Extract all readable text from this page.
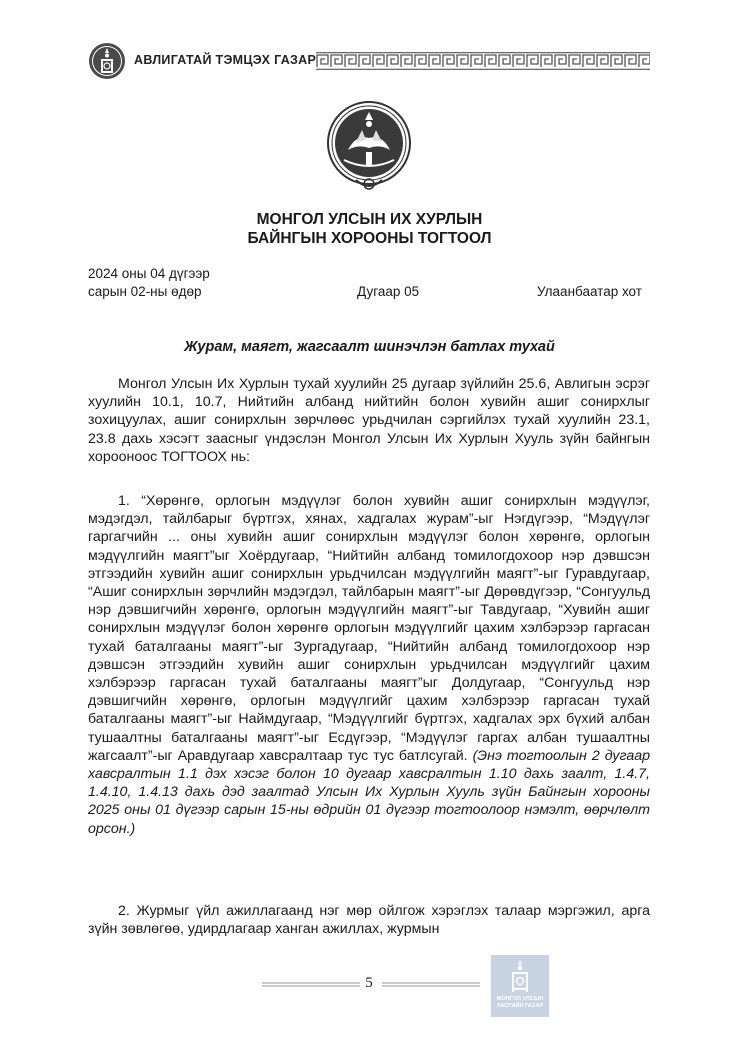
АВЛИГАТАЙ ТЭМЦЭХ ГАЗАР
МОНГОЛ УЛСЫН ИХ ХУРЛЫН
БАЙНГЫН ХОРООНЫ ТОГТООЛ
2024 оны 04 дүгээр
сарын 02-ны өдөр	Дугаар 05	Улаанбаатар хот
Журам, маягт, жагсаалт шинэчлэн батлах тухай

Монгол Улсын Их Хурлын тухай хуулийн 25 дугаар зүйлийн 25.6, Авлигын эсрэг хуулийн 10.1, 10.7, Нийтийн албанд нийтийн болон хувийн ашиг сонирхлыг зохицуулах, ашиг сонирхлын зөрчлөөс урьдчилан сэргийлэх тухай хуулийн 23.1, 23.8 дахь хэсэгт заасныг үндэслэн Монгол Улсын Их Хурлын Хууль зүйн байнгын хорооноос ТОГТООХ нь:

1. “Хөрөнгө, орлогын мэдүүлэг болон хувийн ашиг сонирхлын мэдүүлэг, мэдэгдэл, тайлбарыг бүртгэх, хянах, хадгалах журам”-ыг Нэгдүгээр, “Мэдүүлэг гаргагчийн ... оны хувийн ашиг сонирхлын мэдүүлэг болон хөрөнгө, орлогын мэдүүлгийн маягт”ыг Хоёрдугаар, “Нийтийн албанд томилогдохоор нэр дэвшсэн этгээдийн хувийн ашиг сонирхлын урьдчилсан мэдүүлгийн маягт”-ыг Гуравдугаар, “Ашиг сонирхлын зөрчлийн мэдэгдэл, тайлбарын маягт”-ыг Дөрөвдүгээр, “Сонгуульд нэр дэвшигчийн хөрөнгө, орлогын мэдүүлгийн маягт”-ыг Тавдугаар, “Хувийн ашиг сонирхлын мэдүүлэг болон хөрөнгө орлогын мэдүүлгийг цахим хэлбэрээр гаргасан тухай баталгааны маягт”-ыг Зургадугаар, “Нийтийн албанд томилогдохоор нэр дэвшсэн этгээдийн хувийн ашиг сонирхлын урьдчилсан мэдүүлгийг цахим хэлбэрээр гаргасан тухай баталгааны маягт”ыг Долдугаар, “Сонгуульд нэр дэвшигчийн хөрөнгө, орлогын мэдүүлгийг цахим хэлбэрээр гаргасан тухай баталгааны маягт”-ыг Наймдугаар, “Мэдүүлгийг бүртгэх, хадгалах эрх бүхий албан тушаалтны баталгааны маягт”-ыг Есдүгээр, “Мэдүүлэг гаргах албан тушаалтны жагсаалт”-ыг Аравдугаар хавсралтаар тус тус батлсугай. (Энэ тогтоолын 2 дугаар хавсралтын 1.1 дэх хэсэг болон 10 дугаар хавсралтын 1.10 дахь заалт, 1.4.7, 1.4.10, 1.4.13 дахь дэд заалтад Улсын Их Хурлын Хууль зүйн Байнгын хорооны 2025 оны 01 дүгээр сарын 15-ны өдрийн 01 дүгээр тогтоолоор нэмэлт, өөрчлөлт орсон.)

2. Журмыг үйл ажиллагаанд нэг мөр ойлгож хэрэглэх талаар мэргэжил, арга зүйн зөвлөгөө, удирдлагаар ханган ажиллах, журмын

5
МОНГОЛ УЛСЫН
ЗАСГИЙН ГАЗАР
